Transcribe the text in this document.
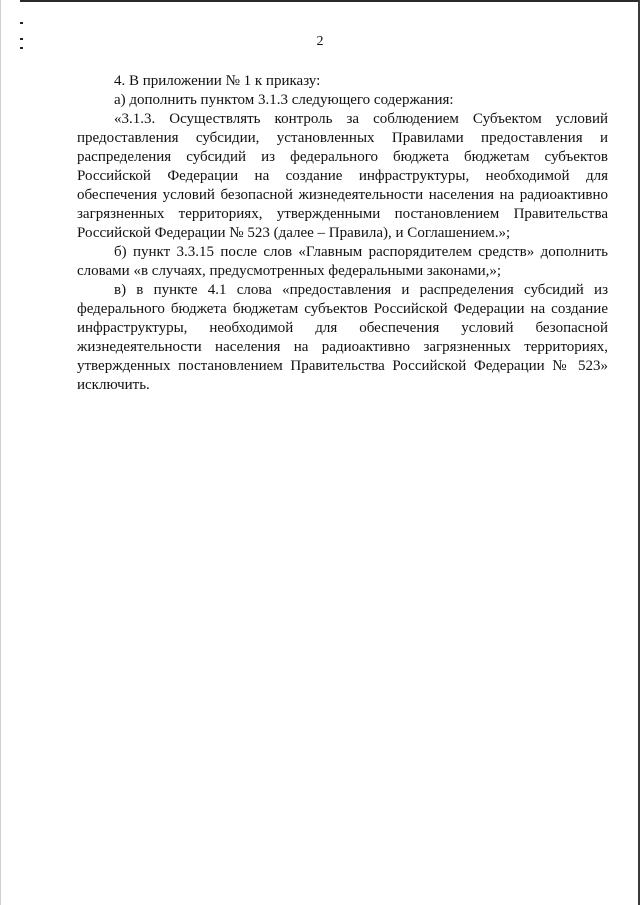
2

4. В приложении № 1 к приказу:

а) дополнить пунктом 3.1.3 следующего содержания:

«3.1.3. Осуществлять контроль за соблюдением Субъектом условий предоставления субсидии, установленных Правилами предоставления и распределения субсидий из федерального бюджета бюджетам субъектов Российской Федерации на создание инфраструктуры, необходимой для обеспечения условий безопасной жизнедеятельности населения на радиоактивно загрязненных территориях, утвержденными постановлением Правительства Российской Федерации № 523 (далее – Правила), и Соглашением.»;

б) пункт 3.3.15 после слов «Главным распорядителем средств» дополнить словами «в случаях, предусмотренных федеральными законами,»;

в) в пункте 4.1 слова «предоставления и распределения субсидий из федерального бюджета бюджетам субъектов Российской Федерации на создание инфраструктуры, необходимой для обеспечения условий безопасной жизнедеятельности населения на радиоактивно загрязненных территориях, утвержденных постановлением Правительства Российской Федерации № 523» исключить.
